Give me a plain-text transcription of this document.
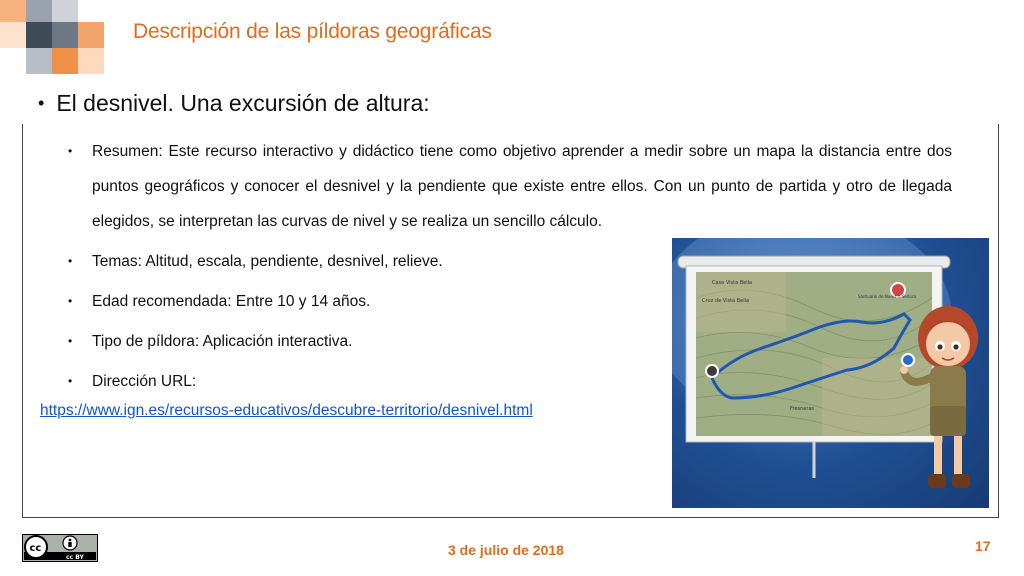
Descripción de las píldoras geográficas
• El desnivel. Una excursión de altura:
•	Resumen: Este recurso interactivo y didáctico tiene como objetivo aprender a medir sobre un mapa la distancia entre dos puntos geográficos y conocer el desnivel y la pendiente que existe entre ellos. Con un punto de partida y otro de llegada elegidos, se interpretan las curvas de nivel y se realiza un sencillo cálculo.
•	Temas: Altitud, escala, pendiente, desnivel, relieve.
•	Edad recomendada: Entre 10 y 14 años.
•	Tipo de píldora: Aplicación interactiva.
•	Dirección URL:
https://www.ign.es/recursos-educativos/descubre-territorio/desnivel.html
Casa Vista Bella
Cruz de Vista Bella
Santuario de Nuestra Señora
Fresneras
cc
cc BY	3 de julio de 2018	17
